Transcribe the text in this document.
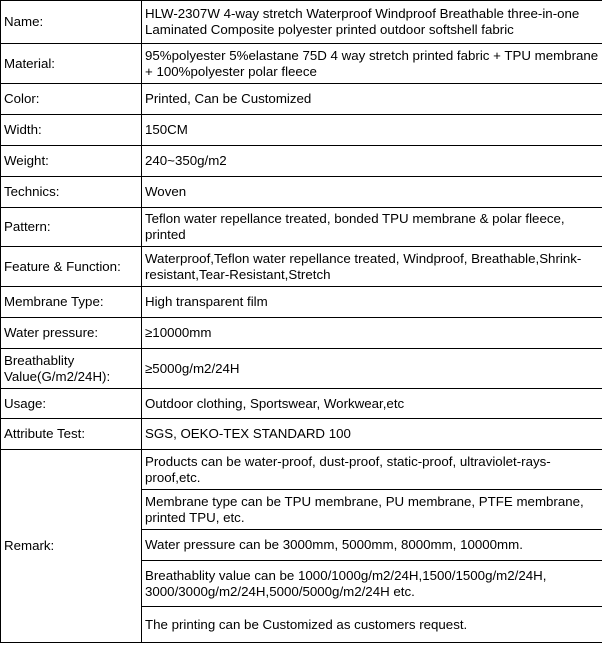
Name:	HLW-2307W 4-way stretch Waterproof Windproof Breathable three-in-one Laminated Composite polyester printed outdoor softshell fabric
Material:	95%polyester 5%elastane 75D 4 way stretch printed fabric + TPU membrane + 100%polyester polar fleece
Color:	Printed, Can be Customized
Width:	150CM
Weight:	240~350g/m2
Technics:	Woven
Pattern:	Teflon water repellance treated, bonded TPU membrane & polar fleece, printed
Feature & Function:	Waterproof,Teflon water repellance treated, Windproof, Breathable,Shrink-resistant,Tear-Resistant,Stretch
Membrane Type:	High transparent film
Water pressure:	≥10000mm
Breathablity Value(G/m2/24H):	≥5000g/m2/24H
Usage:	Outdoor clothing, Sportswear, Workwear,etc
Attribute Test:	SGS, OEKO-TEX STANDARD 100
Remark:	Products can be water-proof, dust-proof, static-proof, ultraviolet-rays-proof,etc.
	Membrane type can be TPU membrane, PU membrane, PTFE membrane, printed TPU, etc.
	Water pressure can be 3000mm, 5000mm, 8000mm, 10000mm.
	Breathablity value can be 1000/1000g/m2/24H,1500/1500g/m2/24H, 3000/3000g/m2/24H,5000/5000g/m2/24H etc.
	The printing can be Customized as customers request.
